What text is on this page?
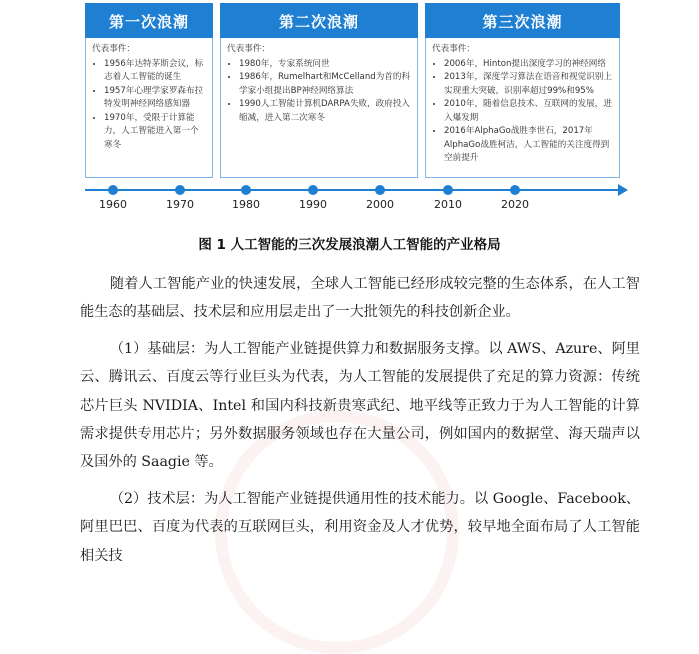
第一次浪潮
代表事件：
• 1956年达特茅斯会议，标志着人工智能的诞生
• 1957年心理学家罗森布拉特发明神经网络感知器
• 1970年，受限于计算能力，人工智能进入第一个寒冬
第二次浪潮
代表事件：
• 1980年，专家系统问世
• 1986年，Rumelhart和McCelland为首的科学家小组提出BP神经网络算法
• 1990人工智能计算机DARPA失败，政府投入缩减，进入第二次寒冬
第三次浪潮
代表事件：
• 2006年，Hinton提出深度学习的神经网络
• 2013年，深度学习算法在语音和视觉识别上实现重大突破，识别率超过99%和95%
• 2010年，随着信息技术、互联网的发展，进入爆发期
• 2016年AlphaGo战胜李世石，2017年AlphaGo战胜柯洁，人工智能的关注度得到空前提升
1960	1970	1980	1990	2000	2010	2020
图 1 人工智能的三次发展浪潮人工智能的产业格局

随着人工智能产业的快速发展，全球人工智能已经形成较完整的生态体系，在人工智能生态的基础层、技术层和应用层走出了一大批领先的科技创新企业。

（1）基础层：为人工智能产业链提供算力和数据服务支撑。以 AWS、Azure、阿里云、腾讯云、百度云等行业巨头为代表，为人工智能的发展提供了充足的算力资源：传统芯片巨头 NVIDIA、Intel 和国内科技新贵寒武纪、地平线等正致力于为人工智能的计算需求提供专用芯片；另外数据服务领域也存在大量公司，例如国内的数据堂、海天瑞声以及国外的 Saagie 等。

（2）技术层：为人工智能产业链提供通用性的技术能力。以 Google、Facebook、阿里巴巴、百度为代表的互联网巨头，利用资金及人才优势，较早地全面布局了人工智能相关技
